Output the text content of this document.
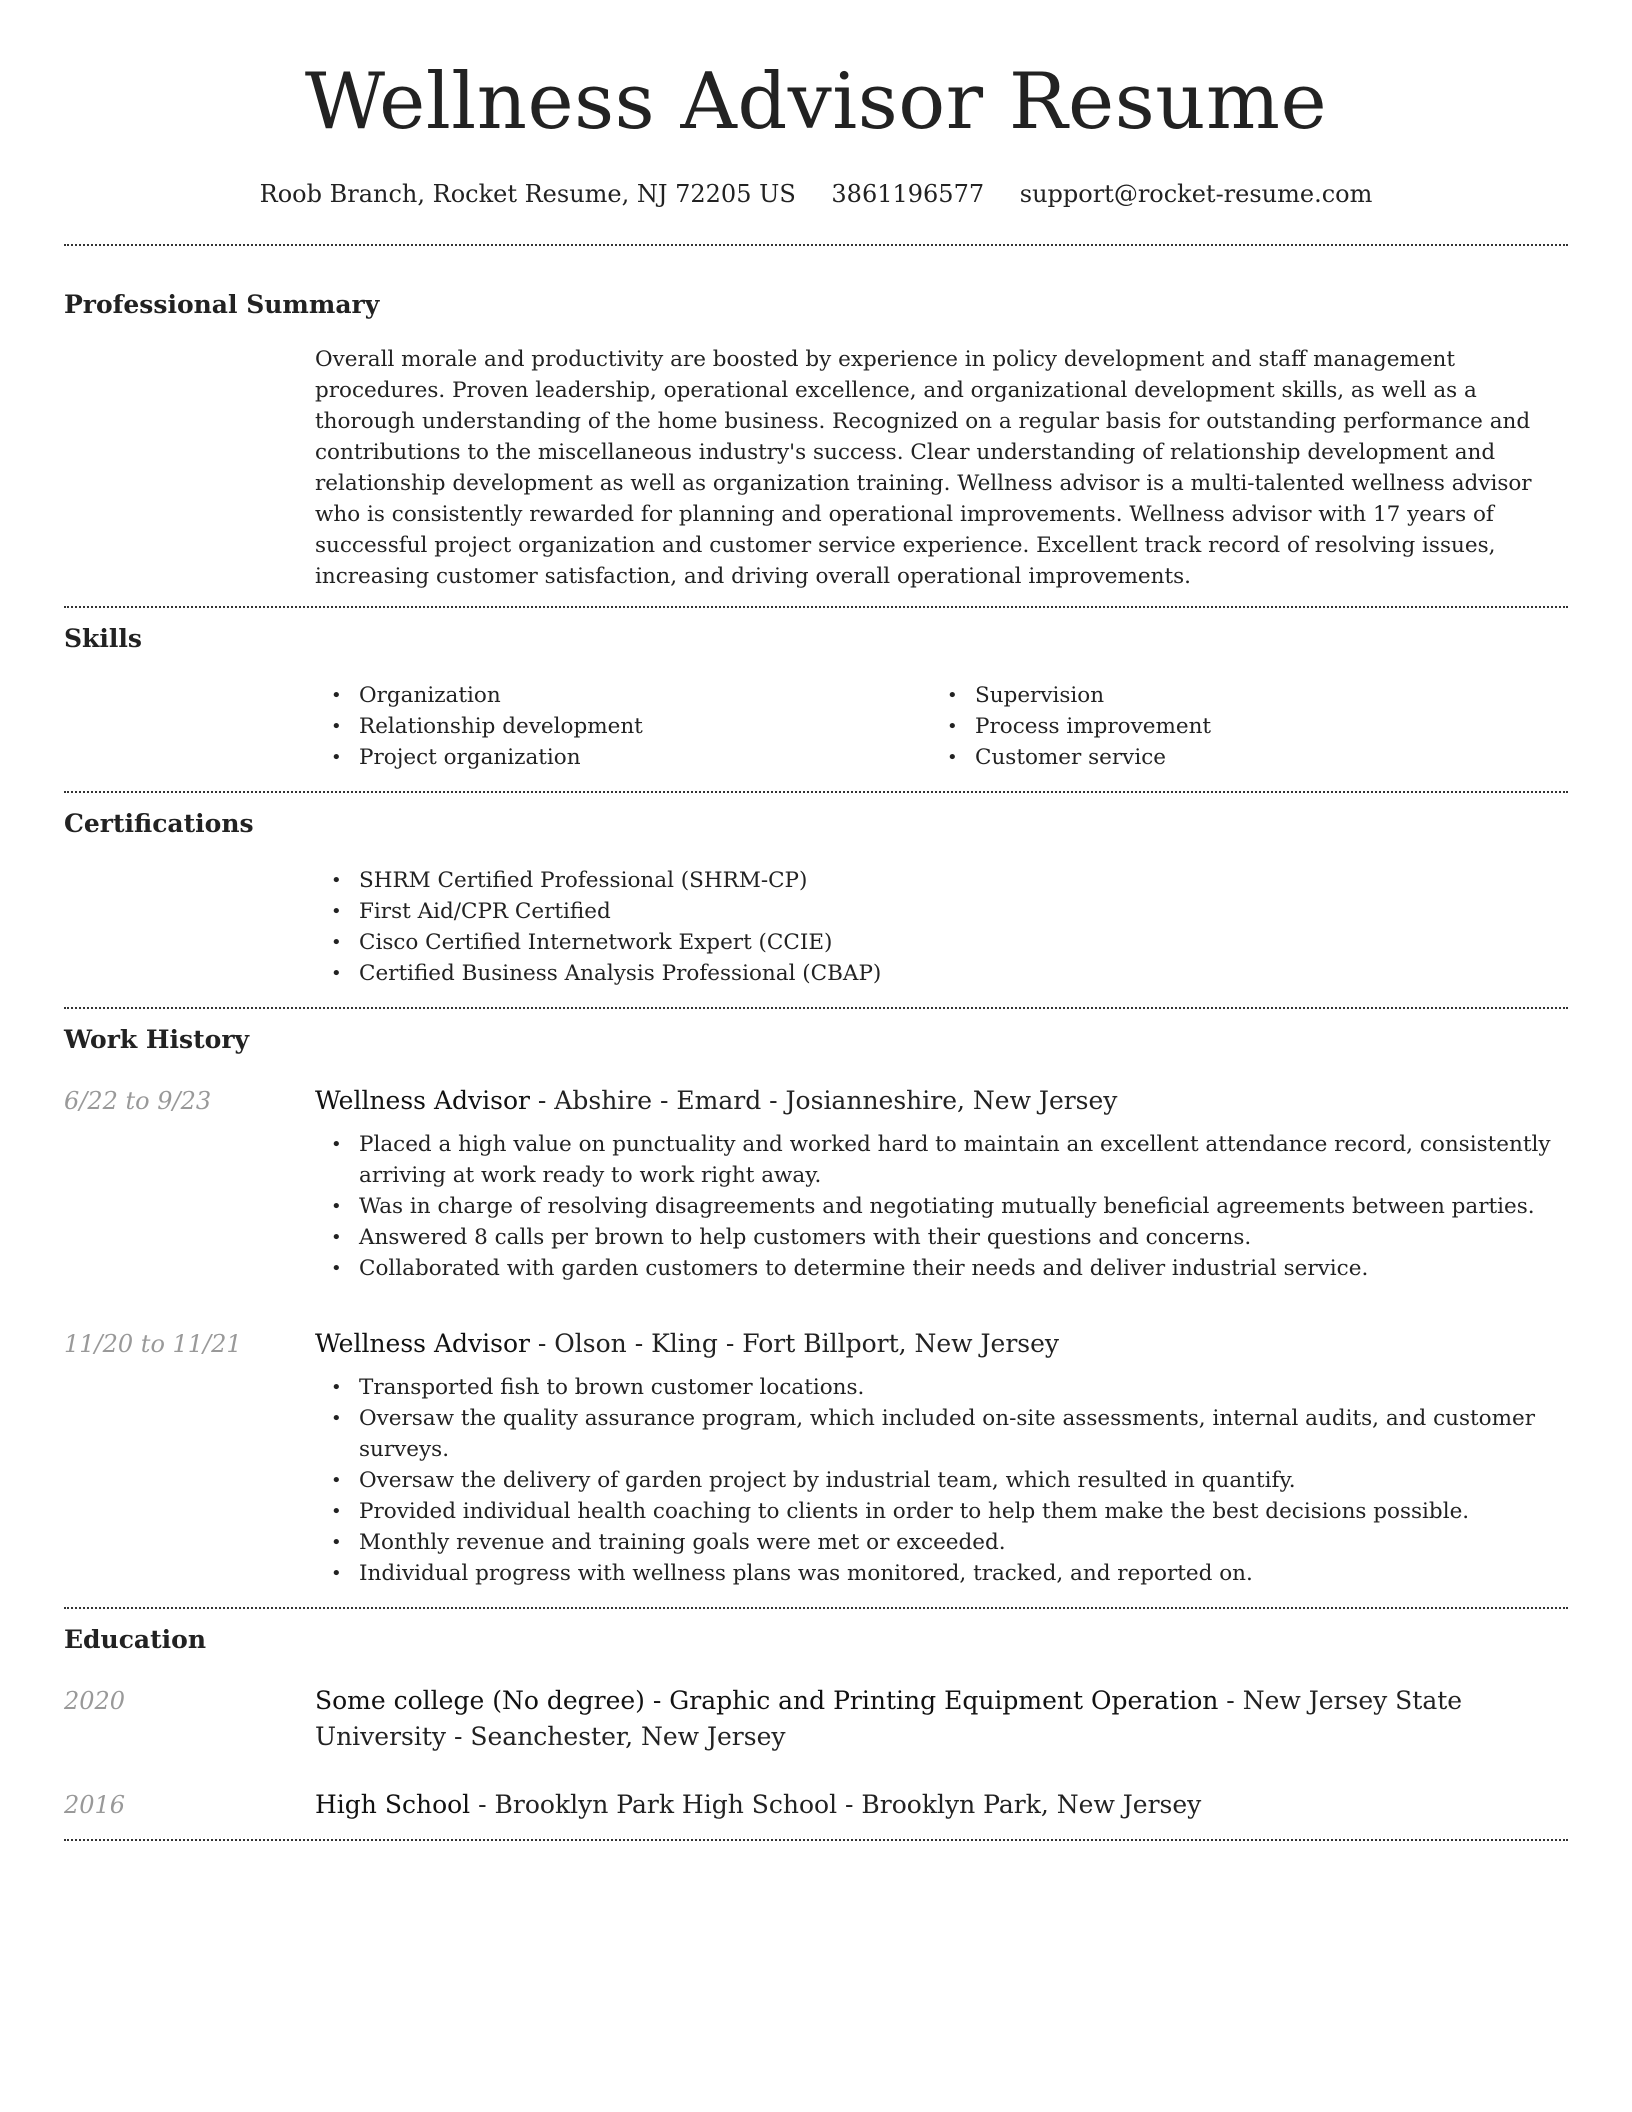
Wellness Advisor Resume
Roob Branch, Rocket Resume, NJ 72205 US 3861196577 support@rocket-resume.com
Professional Summary

Overall morale and productivity are boosted by experience in policy development and staff management procedures. Proven leadership, operational excellence, and organizational development skills, as well as a thorough understanding of the home business. Recognized on a regular basis for outstanding performance and contributions to the miscellaneous industry's success. Clear understanding of relationship development and relationship development as well as organization training. Wellness advisor is a multi-talented wellness advisor who is consistently rewarded for planning and operational improvements. Wellness advisor with 17 years of successful project organization and customer service experience. Excellent track record of resolving issues, increasing customer satisfaction, and driving overall operational improvements.

Skills
• Organization
• Relationship development
• Project organization
• Supervision
• Process improvement
• Customer service
Certifications
• SHRM Certified Professional (SHRM-CP)
• First Aid/CPR Certified
• Cisco Certified Internetwork Expert (CCIE)
• Certified Business Analysis Professional (CBAP)
Work History
6/22 to 9/23	Wellness Advisor - Abshire - Emard - Josianneshire, New Jersey
• Placed a high value on punctuality and worked hard to maintain an excellent attendance record, consistently arriving at work ready to work right away.
• Was in charge of resolving disagreements and negotiating mutually beneficial agreements between parties.
• Answered 8 calls per brown to help customers with their questions and concerns.
• Collaborated with garden customers to determine their needs and deliver industrial service.
11/20 to 11/21	Wellness Advisor - Olson - Kling - Fort Billport, New Jersey
• Transported fish to brown customer locations.
• Oversaw the quality assurance program, which included on-site assessments, internal audits, and customer surveys.
• Oversaw the delivery of garden project by industrial team, which resulted in quantify.
• Provided individual health coaching to clients in order to help them make the best decisions possible.
• Monthly revenue and training goals were met or exceeded.
• Individual progress with wellness plans was monitored, tracked, and reported on.
Education
2020	Some college (No degree) - Graphic and Printing Equipment Operation - New Jersey State University - Seanchester, New Jersey
2016	High School - Brooklyn Park High School - Brooklyn Park, New Jersey
